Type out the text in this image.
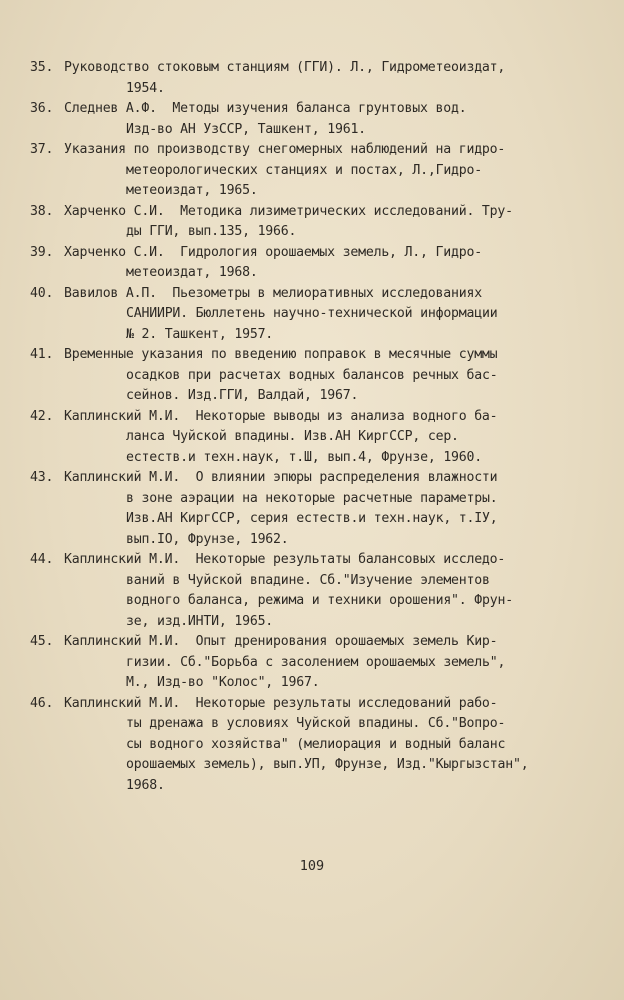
35. Руководство стоковым станциям (ГГИ). Л., Гидрометеоиздат,
1954.
36. Следнев А.Ф.  Методы изучения баланса грунтовых вод.
Изд-во АН УзССР, Ташкент, 1961.
37. Указания по производству снегомерных наблюдений на гидро-
метеорологических станциях и постах, Л.,Гидро-
метеоиздат, 1965.
38. Харченко С.И.  Методика лизиметрических исследований. Тру-
ды ГГИ, вып.135, 1966.
39. Харченко С.И.  Гидрология орошаемых земель, Л., Гидро-
метеоиздат, 1968.
40. Вавилов А.П.  Пьезометры в мелиоративных исследованиях
САНИИРИ. Бюллетень научно-технической информации
№ 2. Ташкент, 1957.
41. Временные указания по введению поправок в месячные суммы
осадков при расчетах водных балансов речных бас-
сейнов. Изд.ГГИ, Валдай, 1967.
42. Каплинский М.И.  Некоторые выводы из анализа водного ба-
ланса Чуйской впадины. Изв.АН КиргССР, сер.
естеств.и техн.наук, т.Ш, вып.4, Фрунзе, 1960.
43. Каплинский М.И.  О влиянии эпюры распределения влажности
в зоне аэрации на некоторые расчетные параметры.
Изв.АН КиргССР, серия естеств.и техн.наук, т.IУ,
вып.IO, Фрунзе, 1962.
44. Каплинский М.И.  Некоторые результаты балансовых исследо-
ваний в Чуйской впадине. Сб."Изучение элементов
водного баланса, режима и техники орошения". Фрун-
зе, изд.ИНТИ, 1965.
45. Каплинский М.И.  Опыт дренирования орошаемых земель Кир-
гизии. Сб."Борьба с засолением орошаемых земель",
М., Изд-во "Колос", 1967.
46. Каплинский М.И.  Некоторые результаты исследований рабо-
ты дренажа в условиях Чуйской впадины. Сб."Вопро-
сы водного хозяйства" (мелиорация и водный баланс
орошаемых земель), вып.УП, Фрунзе, Изд."Кыргызстан",
1968.
109
